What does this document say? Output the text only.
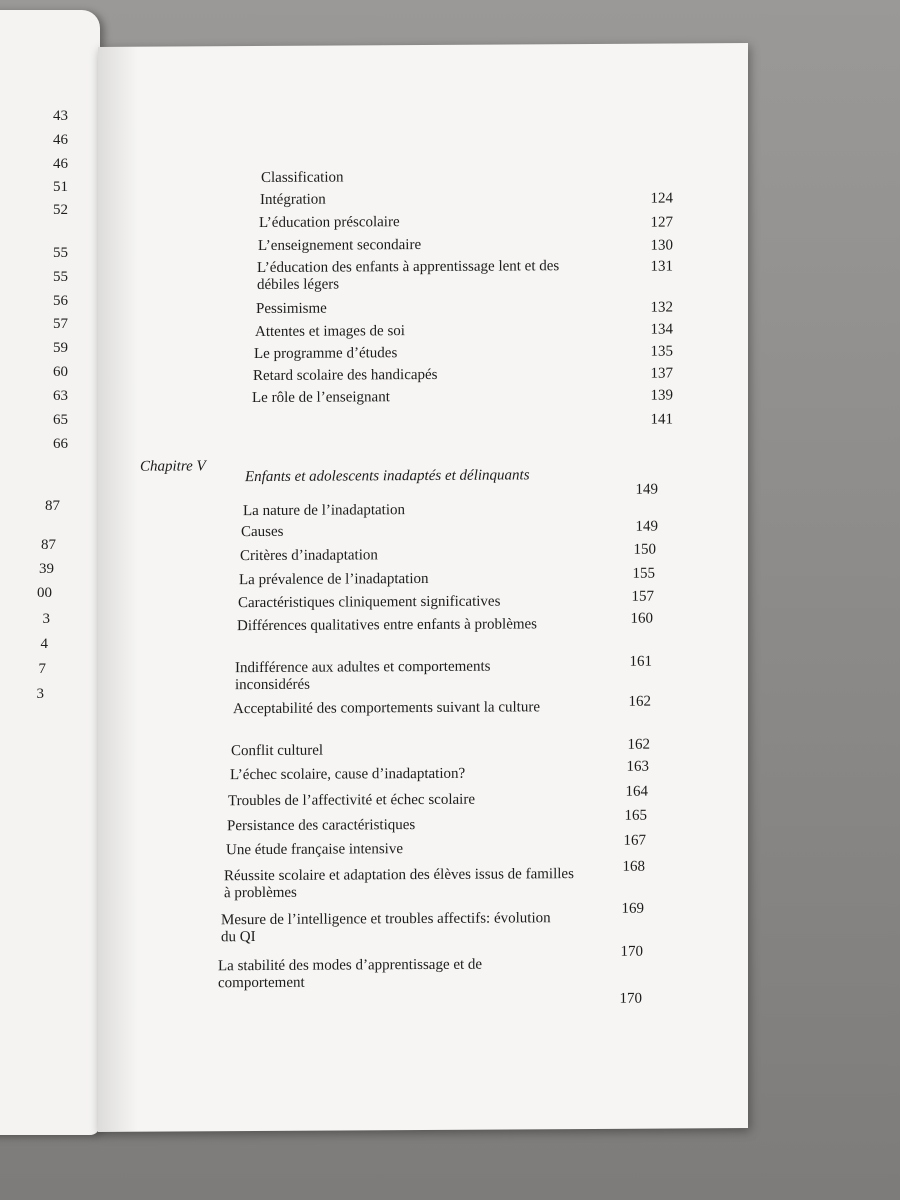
43
46
46
51
52
55
55
56
57
59
60
63
65
66
87
87
39
00
3
4
7
3
Classification
124
Intégration
127
L’éducation préscolaire
130
L’enseignement secondaire
131
L’éducation des enfants à apprentissage lent et des débiles légers
132
Pessimisme
134
Attentes et images de soi
135
Le programme d’études
137
Retard scolaire des handicapés
139
Le rôle de l’enseignant
141
Chapitre V
Enfants et adolescents inadaptés et délinquants
149
La nature de l’inadaptation
149
Causes
150
Critères d’inadaptation
155
La prévalence de l’inadaptation
157
Caractéristiques cliniquement significatives
160
Différences qualitatives entre enfants à problèmes
161
Indifférence aux adultes et comportements inconsidérés
162
Acceptabilité des comportements suivant la culture
162
Conflit culturel
163
L’échec scolaire, cause d’inadaptation?
164
Troubles de l’affectivité et échec scolaire
165
Persistance des caractéristiques
167
Une étude française intensive
168
Réussite scolaire et adaptation des élèves issus de familles à problèmes
169
Mesure de l’intelligence et troubles affectifs: évolution du QI
170
La stabilité des modes d’apprentissage et de comportement
170
